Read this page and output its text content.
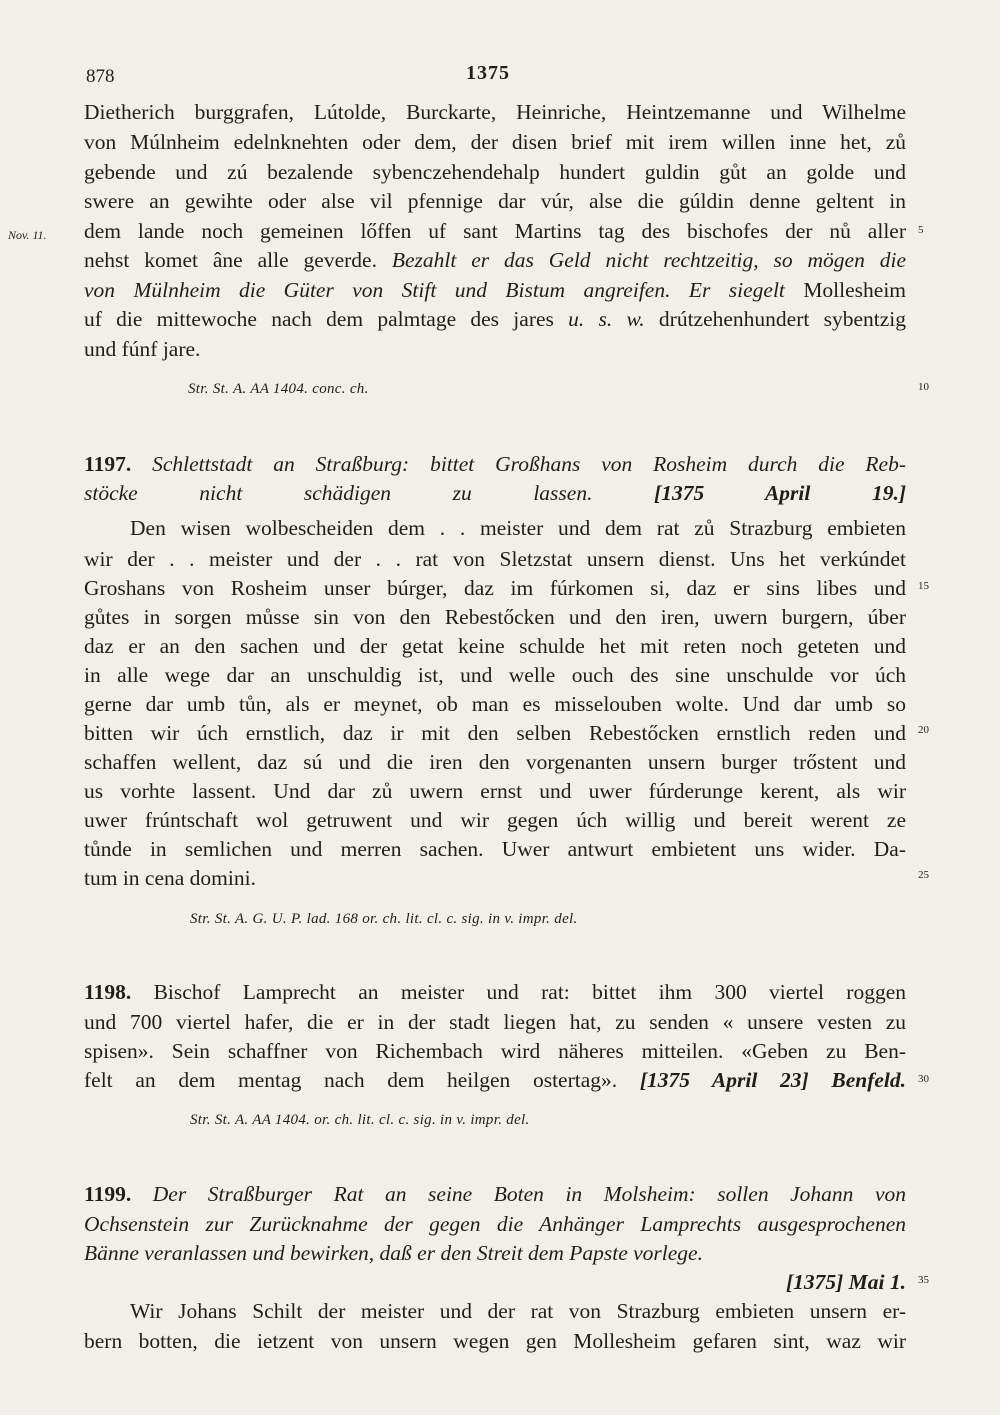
878	1375
Dietherich burggrafen, Lútolde, Burckarte, Heinriche, Heintzemanne und Wilhelme
von Múlnheim edelnknehten oder dem, der disen brief mit irem willen inne het, zů
gebende und zú bezalende sybenczehendehalp hundert guldin gůt an golde und
swere an gewihte oder alse vil pfennige dar vúr, alse die gúldin denne geltent in
Nov. 11. dem lande noch gemeinen lőffen uf sant Martins tag des bischofes der nů aller 5
nehst komet âne alle geverde. Bezahlt er das Geld nicht rechtzeitig, so mögen die
von Mülnheim die Güter von Stift und Bistum angreifen. Er siegelt Mollesheim
uf die mittewoche nach dem palmtage des jares u. s. w. drútzehenhundert sybentzig
und fúnf jare.
Str. St. A. AA 1404. conc. ch.	10
1197. Schlettstadt an Straßburg: bittet Großhans von Rosheim durch die Reb-
stöcke nicht schädigen zu lassen.	[1375 April 19.]
Den wisen wolbescheiden dem . . meister und dem rat zů Strazburg embieten
wir der . . meister und der . . rat von Sletzstat unsern dienst. Uns het verkúndet
Groshans von Rosheim unser búrger, daz im fúrkomen si, daz er sins libes und 15
gůtes in sorgen můsse sin von den Rebestőcken und den iren, uwern burgern, úber
daz er an den sachen und der getat keine schulde het mit reten noch geteten und
in alle wege dar an unschuldig ist, und welle ouch des sine unschulde vor úch
gerne dar umb tůn, als er meynet, ob man es misselouben wolte. Und dar umb so
bitten wir úch ernstlich, daz ir mit den selben Rebestőcken ernstlich reden und 20
schaffen wellent, daz sú und die iren den vorgenanten unsern burger trőstent und
us vorhte lassent. Und dar zů uwern ernst und uwer fúrderunge kerent, als wir
uwer frúntschaft wol getruwent und wir gegen úch willig und bereit werent ze
tůnde in semlichen und merren sachen. Uwer antwurt embietent uns wider. Da-
tum in cena domini.	25
Str. St. A. G. U. P. lad. 168 or. ch. lit. cl. c. sig. in v. impr. del.
1198. Bischof Lamprecht an meister und rat: bittet ihm 300 viertel roggen
und 700 viertel hafer, die er in der stadt liegen hat, zu senden « unsere vesten zu
spisen». Sein schaffner von Richembach wird näheres mitteilen. «Geben zu Ben-
felt an dem mentag nach dem heilgen ostertag». [1375 April 23] Benfeld. 30
Str. St. A. AA 1404. or. ch. lit. cl. c. sig. in v. impr. del.
1199. Der Straßburger Rat an seine Boten in Molsheim: sollen Johann von
Ochsenstein zur Zurücknahme der gegen die Anhänger Lamprechts ausgesprochenen
Bänne veranlassen und bewirken, daß er den Streit dem Papste vorlege.
[1375] Mai 1. 35
Wir Johans Schilt der meister und der rat von Strazburg embieten unsern er-
bern botten, die ietzent von unsern wegen gen Mollesheim gefaren sint, waz wir
